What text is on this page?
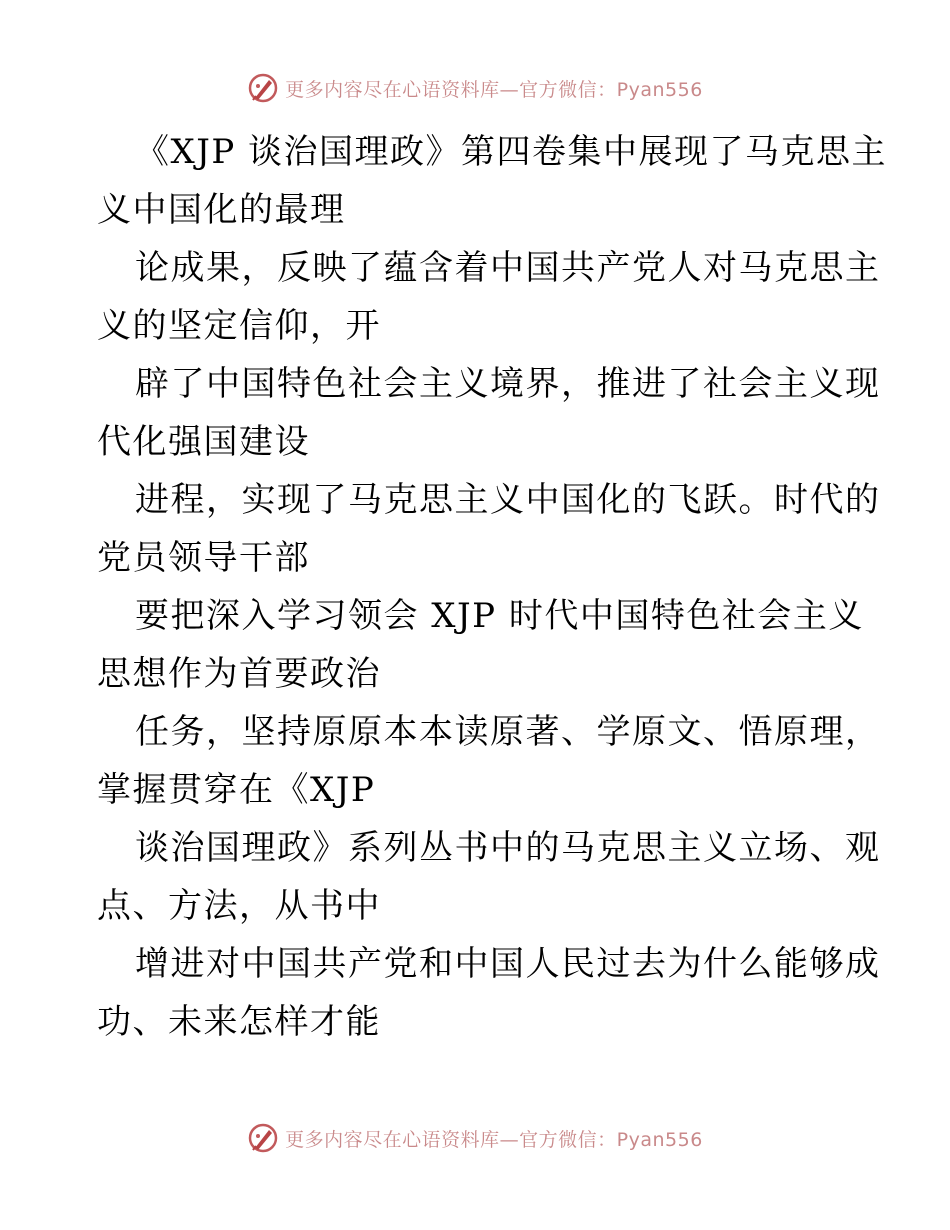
更多内容尽在心语资料库—官方微信：Pyan556
《XJP 谈治国理政》第四卷集中展现了马克思主
义中国化的最理
论成果，反映了蕴含着中国共产党人对马克思主
义的坚定信仰，开
辟了中国特色社会主义境界，推进了社会主义现
代化强国建设
进程，实现了马克思主义中国化的飞跃。时代的
党员领导干部
要把深入学习领会 XJP 时代中国特色社会主义
思想作为首要政治
任务，坚持原原本本读原著、学原文、悟原理，
掌握贯穿在《XJP
谈治国理政》系列丛书中的马克思主义立场、观
点、方法，从书中
增进对中国共产党和中国人民过去为什么能够成
功、未来怎样才能
更多内容尽在心语资料库—官方微信：Pyan556
